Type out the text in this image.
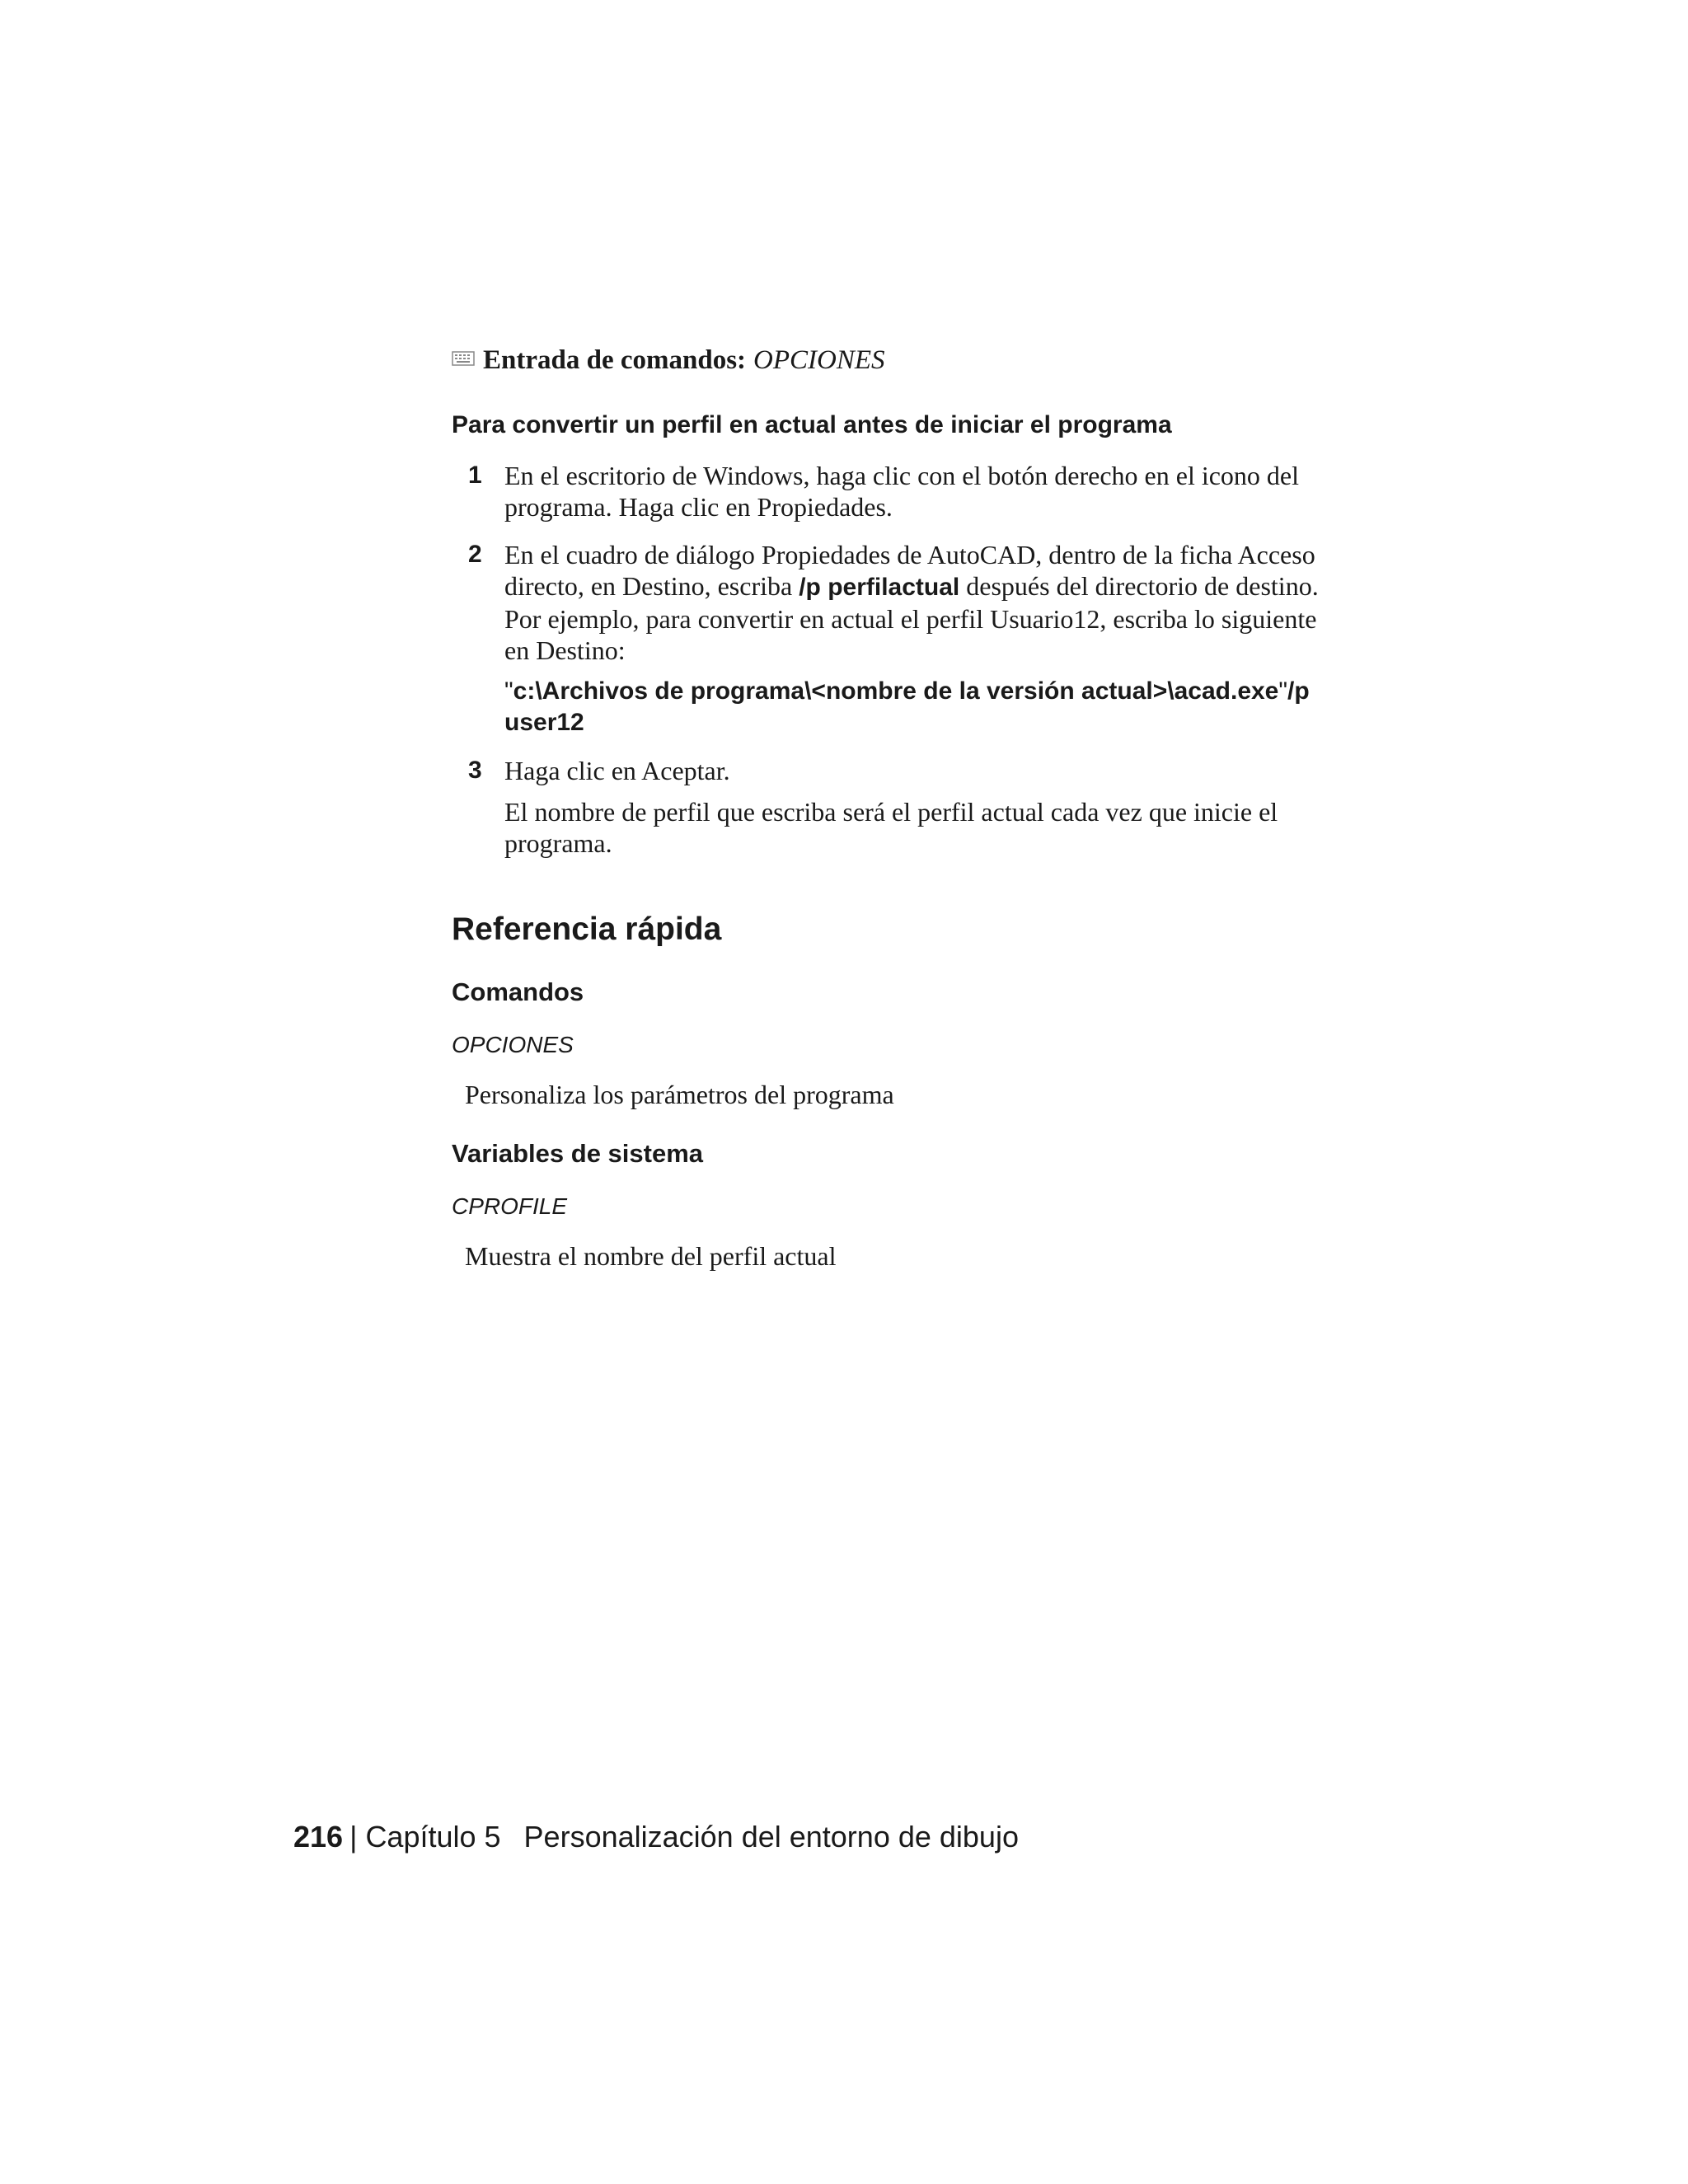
Entrada de comandos: OPCIONES
Para convertir un perfil en actual antes de iniciar el programa
1 En el escritorio de Windows, haga clic con el botón derecho en el icono del programa. Haga clic en Propiedades.

2 En el cuadro de diálogo Propiedades de AutoCAD, dentro de la ficha Acceso directo, en Destino, escriba /p perfilactual después del directorio de destino. Por ejemplo, para convertir en actual el perfil Usuario12, escriba lo siguiente en Destino:

"c:\Archivos de programa\<nombre de la versión actual>\acad.exe"/p user12
3 Haga clic en Aceptar.

El nombre de perfil que escriba será el perfil actual cada vez que inicie el programa.

Referencia rápida
Comandos
OPCIONES
Personaliza los parámetros del programa
Variables de sistema
CPROFILE
Muestra el nombre del perfil actual
216 | Capítulo 5 Personalización del entorno de dibujo
